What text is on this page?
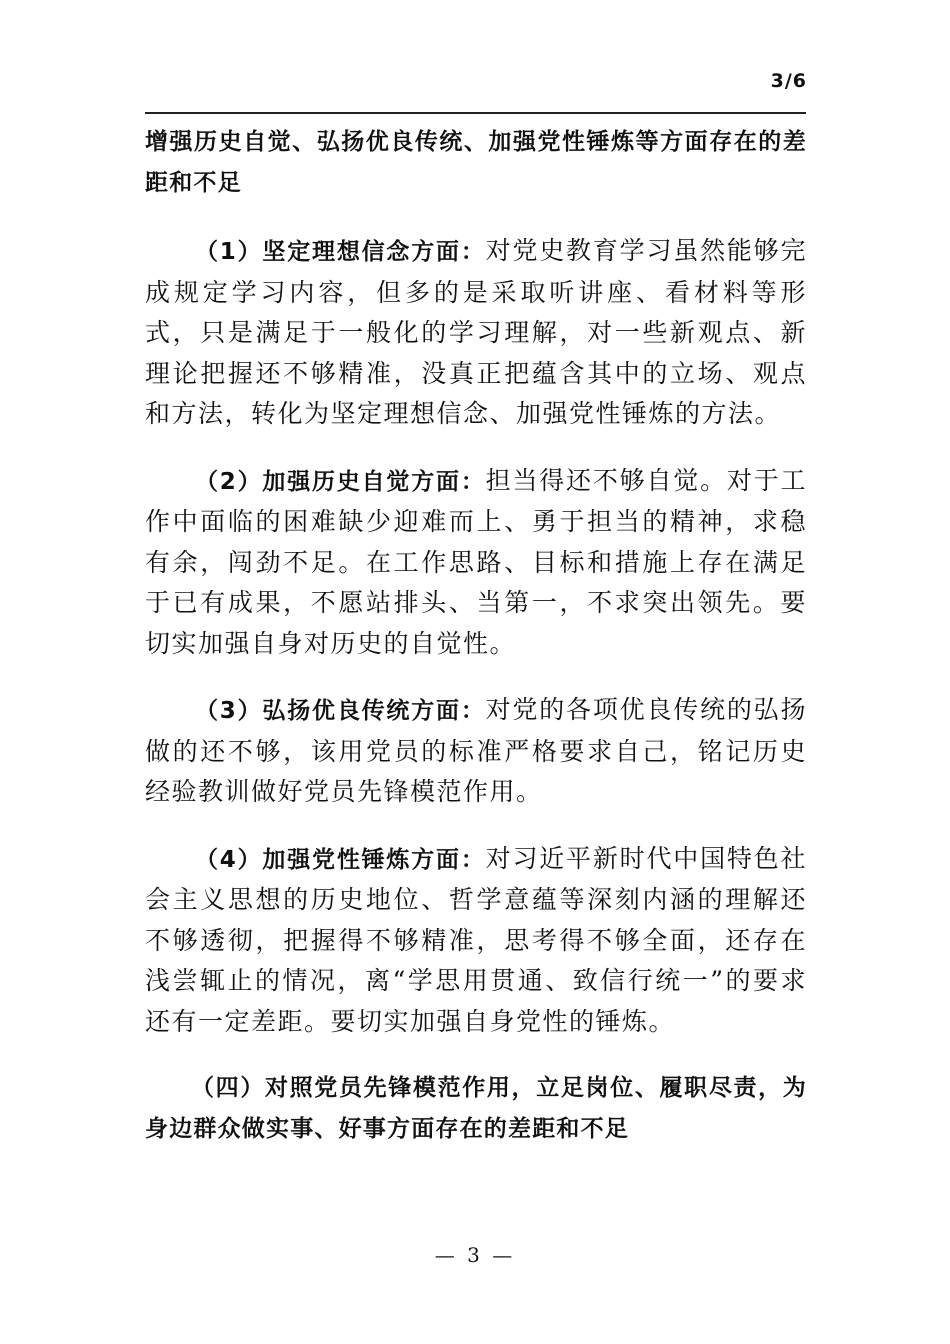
3/6

增强历史自觉、弘扬优良传统、加强党性锤炼等方面存在的差距和不足

（1）坚定理想信念方面：对党史教育学习虽然能够完成规定学习内容，但多的是采取听讲座、看材料等形式，只是满足于一般化的学习理解，对一些新观点、新理论把握还不够精准，没真正把蕴含其中的立场、观点和方法，转化为坚定理想信念、加强党性锤炼的方法。

（2）加强历史自觉方面：担当得还不够自觉。对于工作中面临的困难缺少迎难而上、勇于担当的精神，求稳有余，闯劲不足。在工作思路、目标和措施上存在满足于已有成果，不愿站排头、当第一，不求突出领先。要切实加强自身对历史的自觉性。

（3）弘扬优良传统方面：对党的各项优良传统的弘扬做的还不够，该用党员的标准严格要求自己，铭记历史经验教训做好党员先锋模范作用。

（4）加强党性锤炼方面：对习近平新时代中国特色社会主义思想的历史地位、哲学意蕴等深刻内涵的理解还不够透彻，把握得不够精准，思考得不够全面，还存在浅尝辄止的情况，离“学思用贯通、致信行统一”的要求还有一定差距。要切实加强自身党性的锤炼。

（四）对照党员先锋模范作用，立足岗位、履职尽责，为身边群众做实事、好事方面存在的差距和不足

— 3 —
